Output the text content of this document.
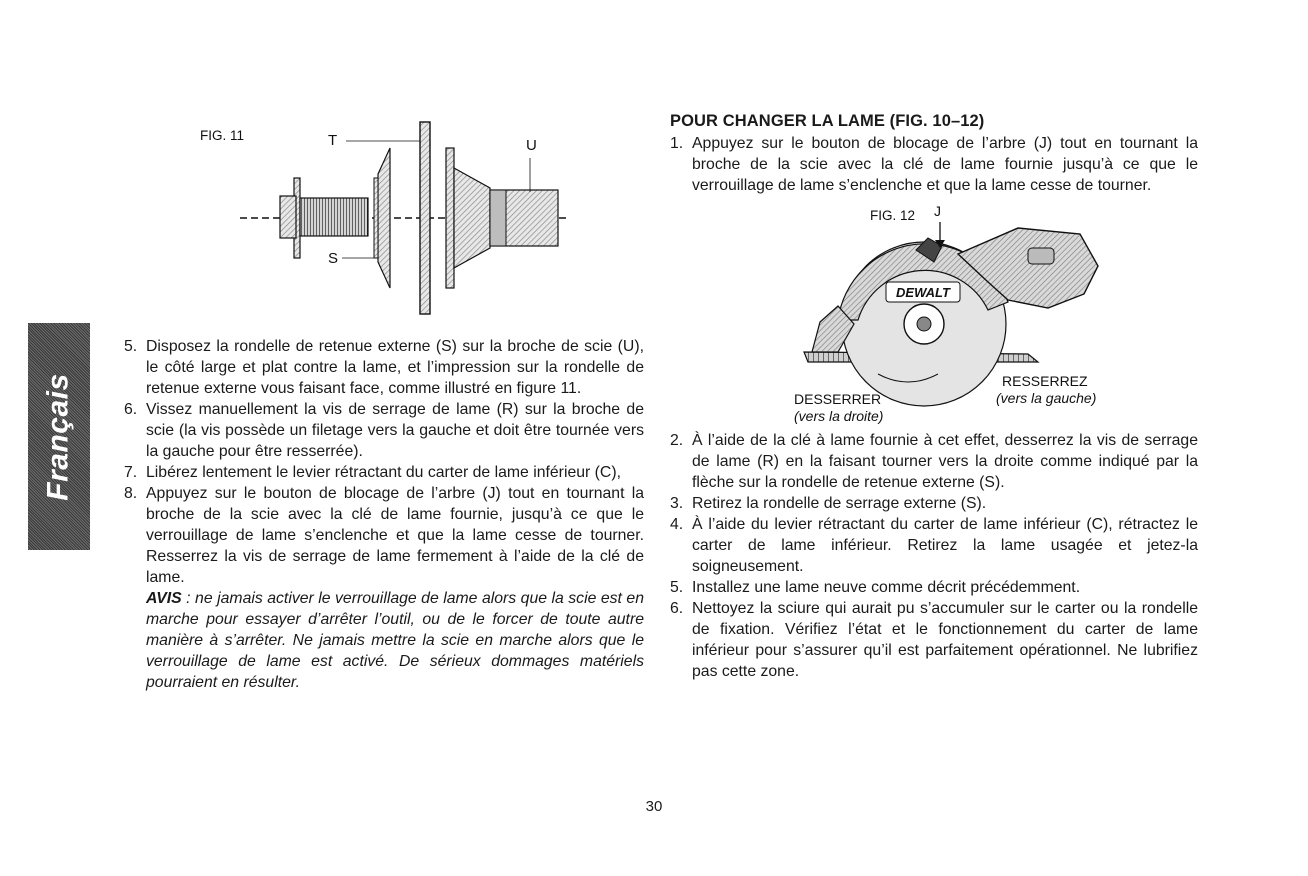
Français
FIG. 11	T	U
S
5. Disposez la rondelle de retenue externe (S) sur la broche de scie (U), le côté large et plat contre la lame, et l’impression sur la rondelle de retenue externe vous faisant face, comme illustré en figure 11.
6. Vissez manuellement la vis de serrage de lame (R) sur la broche de scie (la vis possède un filetage vers la gauche et doit être tournée vers la gauche pour être resserrée).
7. Libérez lentement le levier rétractant du carter de lame inférieur (C),
8. Appuyez sur le bouton de blocage de l’arbre (J) tout en tournant la broche de la scie avec la clé de lame fournie, jusqu’à ce que le verrouillage de lame s’enclenche et que la lame cesse de tourner. Resserrez la vis de serrage de lame fermement à l’aide de la clé de lame.
AVIS : ne jamais activer le verrouillage de lame alors que la scie est en marche pour essayer d’arrêter l’outil, ou de le forcer de toute autre manière à s’arrêter. Ne jamais mettre la scie en marche alors que le verrouillage de lame est activé. De sérieux dommages matériels pourraient en résulter.
POUR CHANGER LA LAME (FIG. 10–12)
1. Appuyez sur le bouton de blocage de l’arbre (J) tout en tournant la broche de la scie avec la clé de lame fournie jusqu’à ce que le verrouillage de lame s’enclenche et que la lame cesse de tourner.
DEWALT
FIG. 12 J
DESSERRER
(vers la droite)
RESSERREZ
(vers la gauche)
2. À l’aide de la clé à lame fournie à cet effet, desserrez la vis de serrage de lame (R) en la faisant tourner vers la droite comme indiqué par la flèche sur la rondelle de retenue externe (S).
3. Retirez la rondelle de serrage externe (S).
4. À l’aide du levier rétractant du carter de lame inférieur (C), rétractez le carter de lame inférieur. Retirez la lame usagée et jetez-la soigneusement.
5. Installez une lame neuve comme décrit précédemment.
6. Nettoyez la sciure qui aurait pu s’accumuler sur le carter ou la rondelle de fixation. Vérifiez l’état et le fonctionnement du carter de lame inférieur pour s’assurer qu’il est parfaitement opérationnel. Ne lubrifiez pas cette zone.
30
